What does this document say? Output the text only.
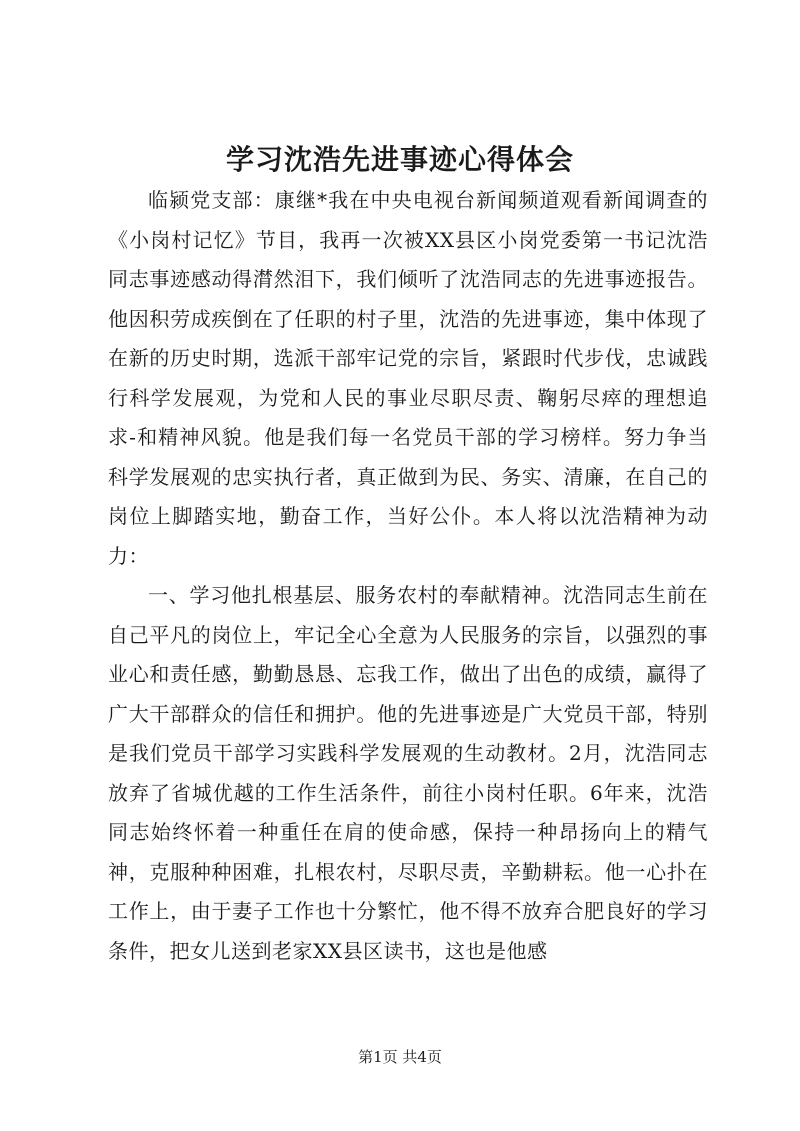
学习沈浩先进事迹心得体会

临颍党支部：康继*我在中央电视台新闻频道观看新闻调查的《小岗村记忆》节目，我再一次被XX县区小岗党委第一书记沈浩同志事迹感动得潸然泪下，我们倾听了沈浩同志的先进事迹报告。他因积劳成疾倒在了任职的村子里，沈浩的先进事迹，集中体现了在新的历史时期，选派干部牢记党的宗旨，紧跟时代步伐，忠诚践行科学发展观，为党和人民的事业尽职尽责、鞠躬尽瘁的理想追求-和精神风貌。他是我们每一名党员干部的学习榜样。努力争当科学发展观的忠实执行者，真正做到为民、务实、清廉，在自己的岗位上脚踏实地，勤奋工作，当好公仆。本人将以沈浩精神为动力：

一、学习他扎根基层、服务农村的奉献精神。沈浩同志生前在自己平凡的岗位上，牢记全心全意为人民服务的宗旨，以强烈的事业心和责任感，勤勤恳恳、忘我工作，做出了出色的成绩，赢得了广大干部群众的信任和拥护。他的先进事迹是广大党员干部，特别是我们党员干部学习实践科学发展观的生动教材。2月，沈浩同志放弃了省城优越的工作生活条件，前往小岗村任职。6年来，沈浩同志始终怀着一种重任在肩的使命感，保持一种昂扬向上的精气神，克服种种困难，扎根农村，尽职尽责，辛勤耕耘。他一心扑在工作上，由于妻子工作也十分繁忙，他不得不放弃合肥良好的学习条件，把女儿送到老家XX县区读书，这也是他感

第1页 共4页
